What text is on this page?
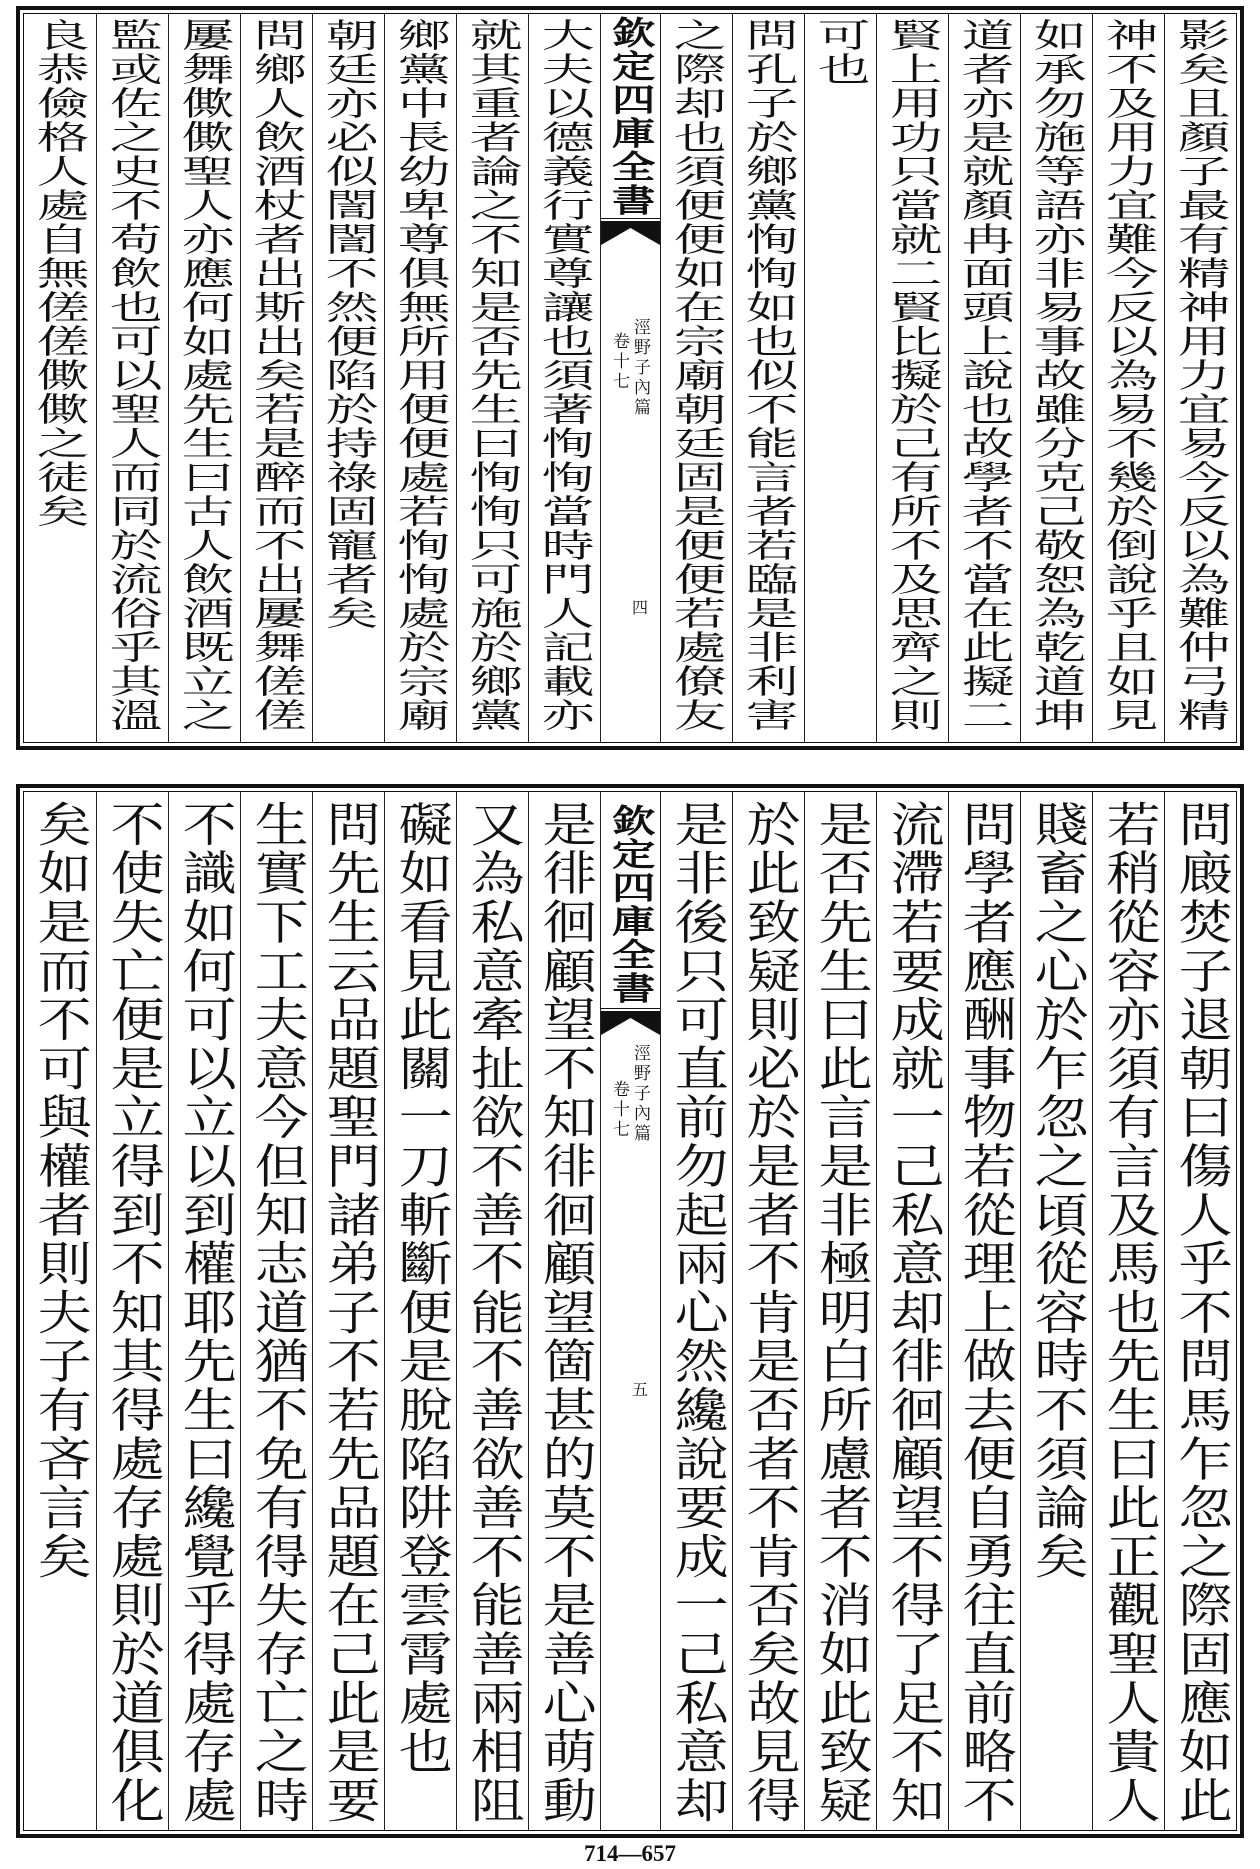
影矣且顏子最有精神用力宜易今反以為難仲弓精
神不及用力宜難今反以為易不幾於倒說乎且如見
如承勿施等語亦非易事故雖分克己敬恕為乾道坤
道者亦是就顏冉面頭上說也故學者不當在此擬二
賢上用功只當就二賢比擬於己有所不及思齊之則
可也
問孔子於鄉黨恂恂如也似不能言者若臨是非利害
之際却也須便便如在宗廟朝廷固是便便若處僚友
欽定四庫全書
涇野子內篇
卷十七
四
大夫以德義行實尊讓也須著恂恂當時門人記載亦
就其重者論之不知是否先生曰恂恂只可施於鄉黨
鄉黨中長幼卑尊俱無所用便便處若恂恂處於宗廟
朝廷亦必似誾誾不然便陷於持祿固寵者矣
問鄉人飲酒杖者出斯出矣若是醉而不出屢舞傞傞
屢舞僛僛聖人亦應何如處先生曰古人飲酒既立之
監或佐之史不苟飲也可以聖人而同於流俗乎其溫
良恭儉格人處自無傞傞僛僛之徒矣
問廄焚子退朝曰傷人乎不問馬乍忽之際固應如此
若稍從容亦須有言及馬也先生曰此正觀聖人貴人
賤畜之心於乍忽之頃從容時不須論矣
問學者應酬事物若從理上做去便自勇往直前略不
流滯若要成就一己私意却徘徊顧望不得了足不知
是否先生曰此言是非極明白所慮者不消如此致疑
於此致疑則必於是者不肯是否者不肯否矣故見得
是非後只可直前勿起兩心然纔說要成一己私意却
欽定四庫全書
涇野子內篇
卷十七
五
是徘徊顧望不知徘徊顧望箇甚的莫不是善心萌動
又為私意牽扯欲不善不能不善欲善不能善兩相阻
礙如看見此關一刀斬斷便是脫陷阱登雲霄處也
問先生云品題聖門諸弟子不若先品題在己此是要
生實下工夫意今但知志道猶不免有得失存亡之時
不識如何可以立以到權耶先生曰纔覺乎得處存處
不使失亡便是立得到不知其得處存處則於道俱化
矣如是而不可與權者則夫子有吝言矣
714—657
